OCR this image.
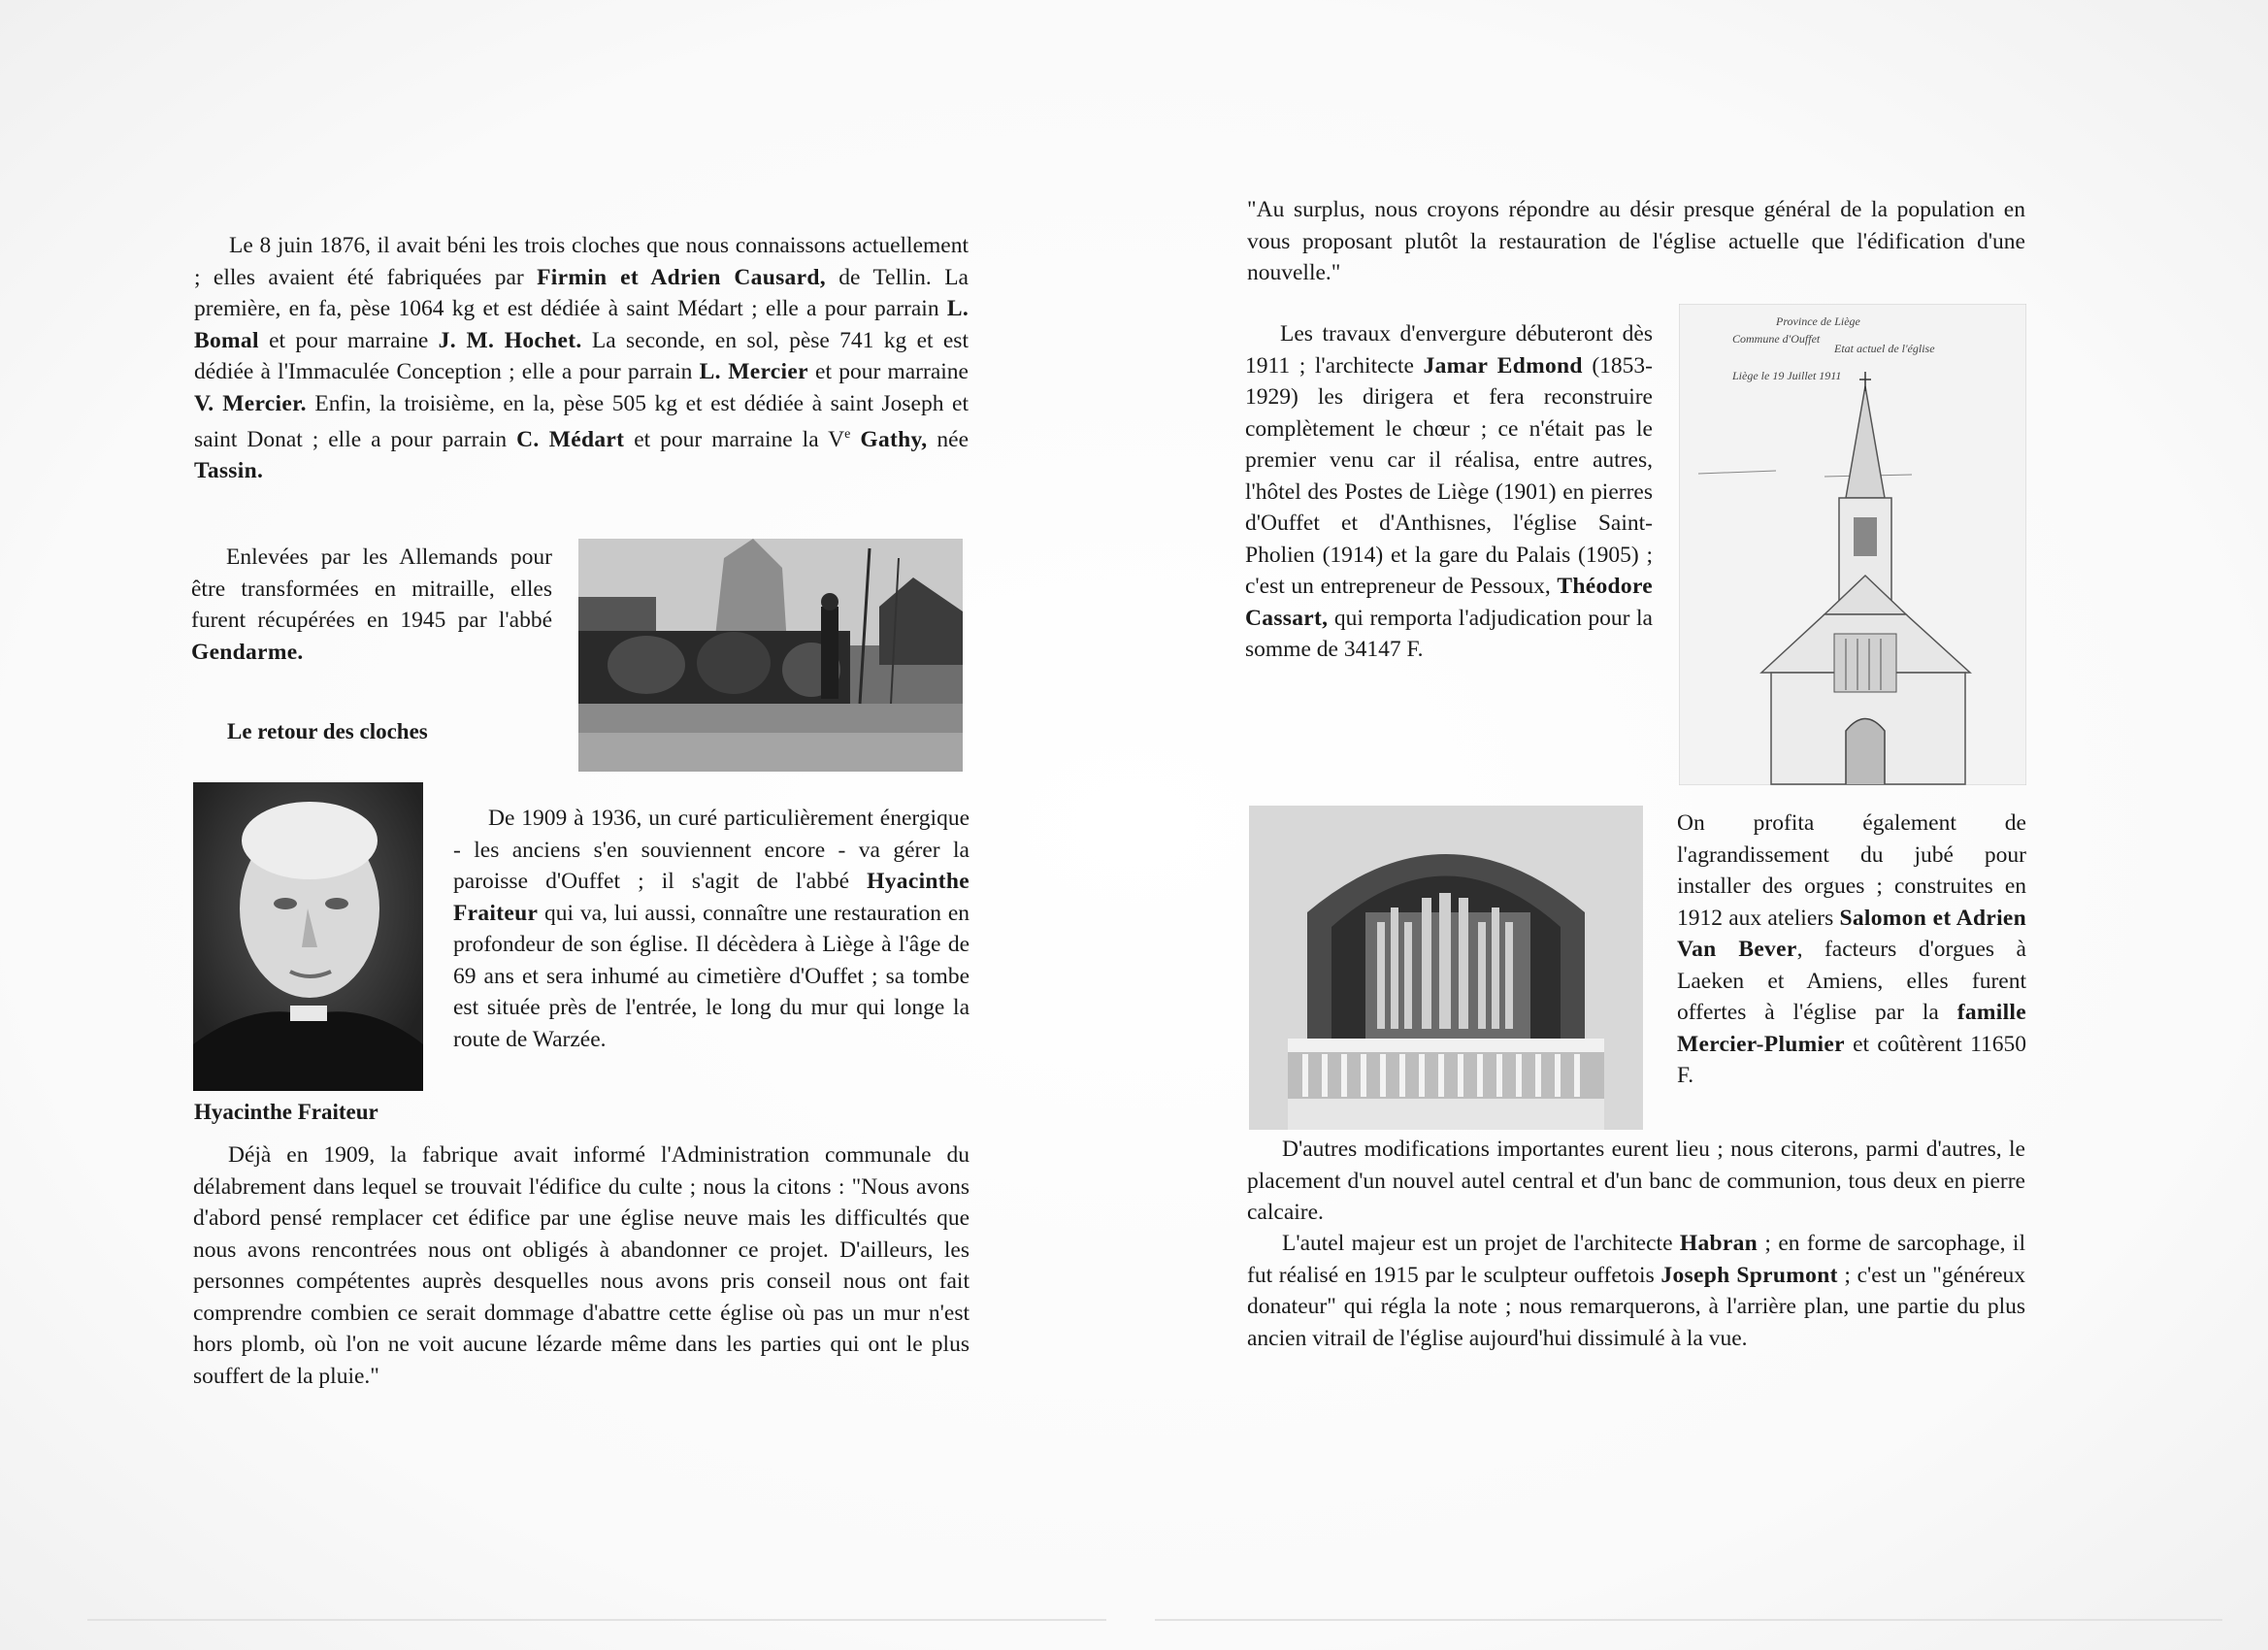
Le 8 juin 1876, il avait béni les trois cloches que nous connaissons actuellement ; elles avaient été fabriquées par Firmin et Adrien Causard, de Tellin. La première, en fa, pèse 1064 kg et est dédiée à saint Médart ; elle a pour parrain L. Bomal et pour marraine J. M. Hochet. La seconde, en sol, pèse 741 kg et est dédiée à l'Immaculée Conception ; elle a pour parrain L. Mercier et pour marraine V. Mercier. Enfin, la troisième, en la, pèse 505 kg et est dédiée à saint Joseph et saint Donat ; elle a pour parrain C. Médart et pour marraine la Ve Gathy, née Tassin.
Enlevées par les Allemands pour être transformées en mitraille, elles furent récupérées en 1945 par l'abbé Gendarme.
Le retour des cloches
De 1909 à 1936, un curé particulièrement énergique - les anciens s'en souviennent encore - va gérer la paroisse d'Ouffet ; il s'agit de l'abbé Hyacinthe Fraiteur qui va, lui aussi, connaître une restauration en profondeur de son église. Il décèdera à Liège à l'âge de 69 ans et sera inhumé au cimetière d'Ouffet ; sa tombe est située près de l'entrée, le long du mur qui longe la route de Warzée.
Hyacinthe Fraiteur
Déjà en 1909, la fabrique avait informé l'Administration communale du délabrement dans lequel se trouvait l'édifice du culte ; nous la citons : "Nous avons d'abord pensé remplacer cet édifice par une église neuve mais les difficultés que nous avons rencontrées nous ont obligés à abandonner ce projet. D'ailleurs, les personnes compétentes auprès desquelles nous avons pris conseil nous ont fait comprendre combien ce serait dommage d'abattre cette église où pas un mur n'est hors plomb, où l'on ne voit aucune lézarde même dans les parties qui ont le plus souffert de la pluie."
"Au surplus, nous croyons répondre au désir presque général de la population en vous proposant plutôt la restauration de l'église actuelle que l'édification d'une nouvelle."
Les travaux d'envergure débuteront dès 1911 ; l'architecte Jamar Edmond (1853-1929) les dirigera et fera reconstruire complètement le chœur ; ce n'était pas le premier venu car il réalisa, entre autres, l'hôtel des Postes de Liège (1901) en pierres d'Ouffet et d'Anthisnes, l'église Saint-Pholien (1914) et la gare du Palais (1905) ; c'est un entrepreneur de Pessoux, Théodore Cassart, qui remporta l'adjudication pour la somme de 34147 F.
Province de Liège
Commune d'Ouffet
Etat actuel de l'église
Liège le 19 Juillet 1911
On profita également de l'agrandissement du jubé pour installer des orgues ; construites en 1912 aux ateliers Salomon et Adrien Van Bever, facteurs d'orgues à Laeken et Amiens, elles furent offertes à l'église par la famille Mercier-Plumier et coûtèrent 11650 F.
D'autres modifications importantes eurent lieu ; nous citerons, parmi d'autres, le placement d'un nouvel autel central et d'un banc de communion, tous deux en pierre calcaire.
L'autel majeur est un projet de l'architecte Habran ; en forme de sarcophage, il fut réalisé en 1915 par le sculpteur ouffetois Joseph Sprumont ; c'est un "généreux donateur" qui régla la note ; nous remarquerons, à l'arrière plan, une partie du plus ancien vitrail de l'église aujourd'hui dissimulé à la vue.
